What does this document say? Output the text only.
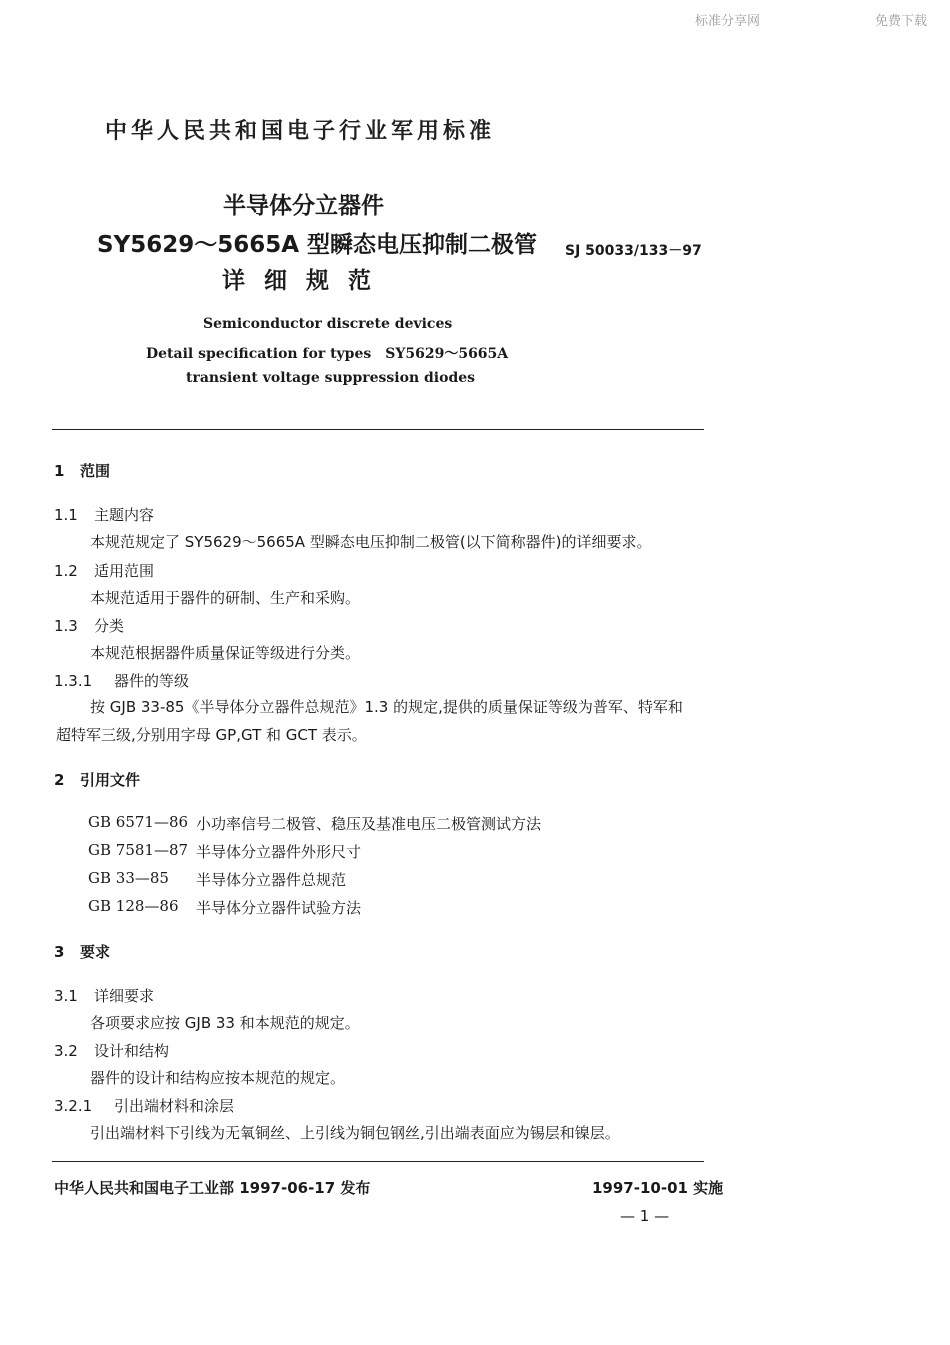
标准分享网	免费下载
中华人民共和国电子行业军用标准
半导体分立器件
SY5629～5665A 型瞬态电压抑制二极管
详细规范
SJ 50033/133－97
Semiconductor discrete devices
Detail specification for types　SY5629～5665A
transient voltage suppression diodes
1 范围
1.1 主题内容
本规范规定了 SY5629～5665A 型瞬态电压抑制二极管(以下简称器件)的详细要求。
1.2 适用范围
本规范适用于器件的研制、生产和采购。
1.3 分类
本规范根据器件质量保证等级进行分类。
1.3.1 器件的等级
按 GJB 33-85《半导体分立器件总规范》1.3 的规定,提供的质量保证等级为普军、特军和
超特军三级,分别用字母 GP,GT 和 GCT 表示。
2 引用文件
GB 6571—86 小功率信号二极管、稳压及基准电压二极管测试方法
GB 7581—87 半导体分立器件外形尺寸
GB 33—85 半导体分立器件总规范
GB 128—86 半导体分立器件试验方法
3 要求
3.1 详细要求
各项要求应按 GJB 33 和本规范的规定。
3.2 设计和结构
器件的设计和结构应按本规范的规定。
3.2.1 引出端材料和涂层
引出端材料下引线为无氧铜丝、上引线为铜包钢丝,引出端表面应为锡层和镍层。
中华人民共和国电子工业部 1997-06-17 发布	1997-10-01 实施
— 1 —
